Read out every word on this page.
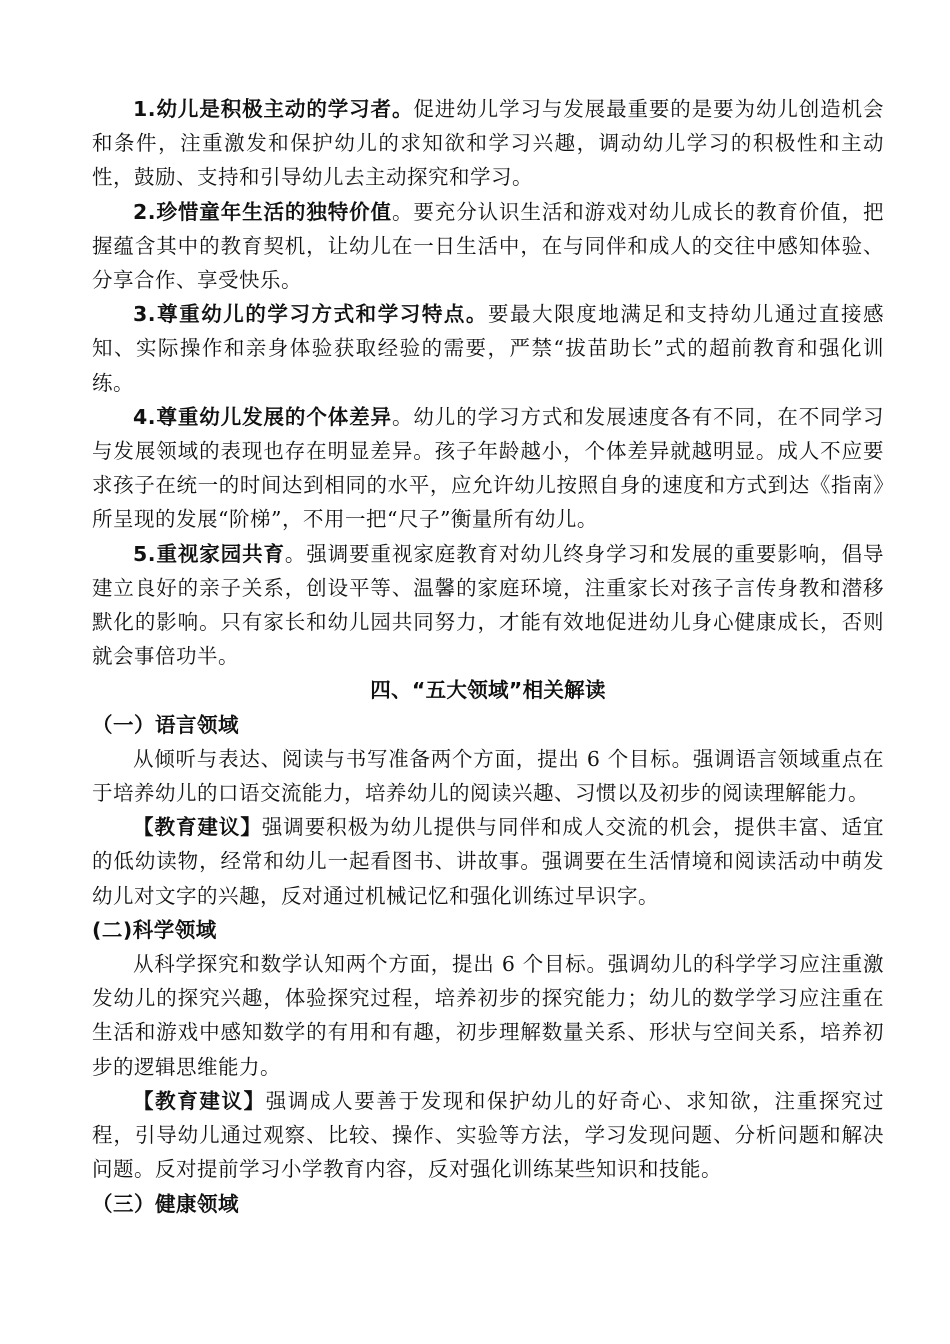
1.幼儿是积极主动的学习者。促进幼儿学习与发展最重要的是要为幼儿创造机会和条件，注重激发和保护幼儿的求知欲和学习兴趣，调动幼儿学习的积极性和主动性，鼓励、支持和引导幼儿去主动探究和学习。

2.珍惜童年生活的独特价值。要充分认识生活和游戏对幼儿成长的教育价值，把握蕴含其中的教育契机，让幼儿在一日生活中，在与同伴和成人的交往中感知体验、分享合作、享受快乐。

3.尊重幼儿的学习方式和学习特点。要最大限度地满足和支持幼儿通过直接感知、实际操作和亲身体验获取经验的需要，严禁“拔苗助长”式的超前教育和强化训练。

4.尊重幼儿发展的个体差异。幼儿的学习方式和发展速度各有不同，在不同学习与发展领域的表现也存在明显差异。孩子年龄越小，个体差异就越明显。成人不应要求孩子在统一的时间达到相同的水平，应允许幼儿按照自身的速度和方式到达《指南》所呈现的发展“阶梯”，不用一把“尺子”衡量所有幼儿。

5.重视家园共育。强调要重视家庭教育对幼儿终身学习和发展的重要影响，倡导建立良好的亲子关系，创设平等、温馨的家庭环境，注重家长对孩子言传身教和潜移默化的影响。只有家长和幼儿园共同努力，才能有效地促进幼儿身心健康成长，否则就会事倍功半。

四、“五大领域”相关解读

（一）语言领域

从倾听与表达、阅读与书写准备两个方面，提出 6 个目标。强调语言领域重点在于培养幼儿的口语交流能力，培养幼儿的阅读兴趣、习惯以及初步的阅读理解能力。

【教育建议】强调要积极为幼儿提供与同伴和成人交流的机会，提供丰富、适宜的低幼读物，经常和幼儿一起看图书、讲故事。强调要在生活情境和阅读活动中萌发幼儿对文字的兴趣，反对通过机械记忆和强化训练过早识字。

(二)科学领域

从科学探究和数学认知两个方面，提出 6 个目标。强调幼儿的科学学习应注重激发幼儿的探究兴趣，体验探究过程，培养初步的探究能力；幼儿的数学学习应注重在生活和游戏中感知数学的有用和有趣，初步理解数量关系、形状与空间关系，培养初步的逻辑思维能力。

【教育建议】强调成人要善于发现和保护幼儿的好奇心、求知欲，注重探究过程，引导幼儿通过观察、比较、操作、实验等方法，学习发现问题、分析问题和解决问题。反对提前学习小学教育内容，反对强化训练某些知识和技能。

（三）健康领域
